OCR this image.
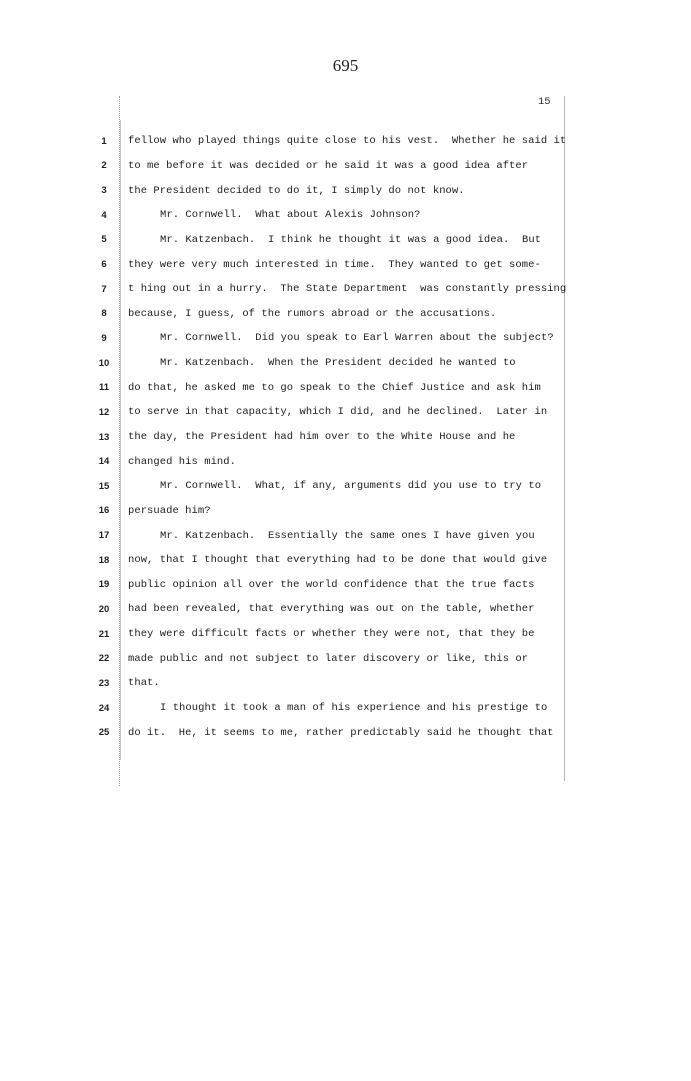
695
15
1	fellow who played things quite close to his vest.  Whether he said it
2	to me before it was decided or he said it was a good idea after
3	the President decided to do it, I simply do not know.
4	Mr. Cornwell.  What about Alexis Johnson?
5	Mr. Katzenbach.  I think he thought it was a good idea.  But
6	they were very much interested in time.  They wanted to get some-
7	t hing out in a hurry.  The State Department  was constantly pressing
8	because, I guess, of the rumors abroad or the accusations.
9	Mr. Cornwell.  Did you speak to Earl Warren about the subject?
10	Mr. Katzenbach.  When the President decided he wanted to
11 do that, he asked me to go speak to the Chief Justice and ask him
12 to serve in that capacity, which I did, and he declined.  Later in
13 the day, the President had him over to the White House and he
14 changed his mind.
15	Mr. Cornwell.  What, if any, arguments did you use to try to
16 persuade him?
17	Mr. Katzenbach.  Essentially the same ones I have given you
18 now, that I thought that everything had to be done that would give
19 public opinion all over the world confidence that the true facts
20 had been revealed, that everything was out on the table, whether
21 they were difficult facts or whether they were not, that they be
22 made public and not subject to later discovery or like, this or
23 that.
24	I thought it took a man of his experience and his prestige to
25 do it.  He, it seems to me, rather predictably said he thought that
